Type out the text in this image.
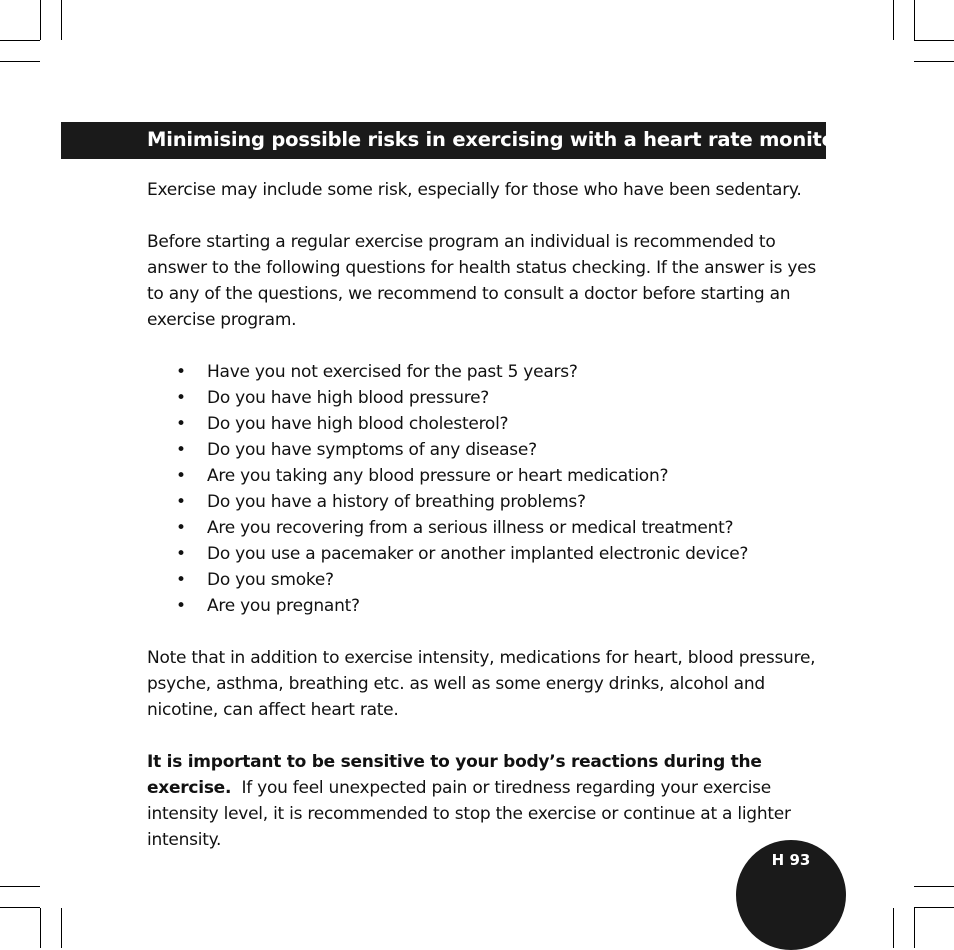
Minimising possible risks in exercising with a heart rate monitor

Exercise may include some risk, especially for those who have been sedentary.

Before starting a regular exercise program an individual is recommended to answer to the following questions for health status checking. If the answer is yes to any of the questions, we recommend to consult a doctor before starting an exercise program.

• Have you not exercised for the past 5 years?
• Do you have high blood pressure?
• Do you have high blood cholesterol?
• Do you have symptoms of any disease?
• Are you taking any blood pressure or heart medication?
• Do you have a history of breathing problems?
• Are you recovering from a serious illness or medical treatment?
• Do you use a pacemaker or another implanted electronic device?
• Do you smoke?
• Are you pregnant?

Note that in addition to exercise intensity, medications for heart, blood pressure, psyche, asthma, breathing etc. as well as some energy drinks, alcohol and nicotine, can affect heart rate.

It is important to be sensitive to your body’s reactions during the exercise. If you feel unexpected pain or tiredness regarding your exercise intensity level, it is recommended to stop the exercise or continue at a lighter intensity.

H 93
